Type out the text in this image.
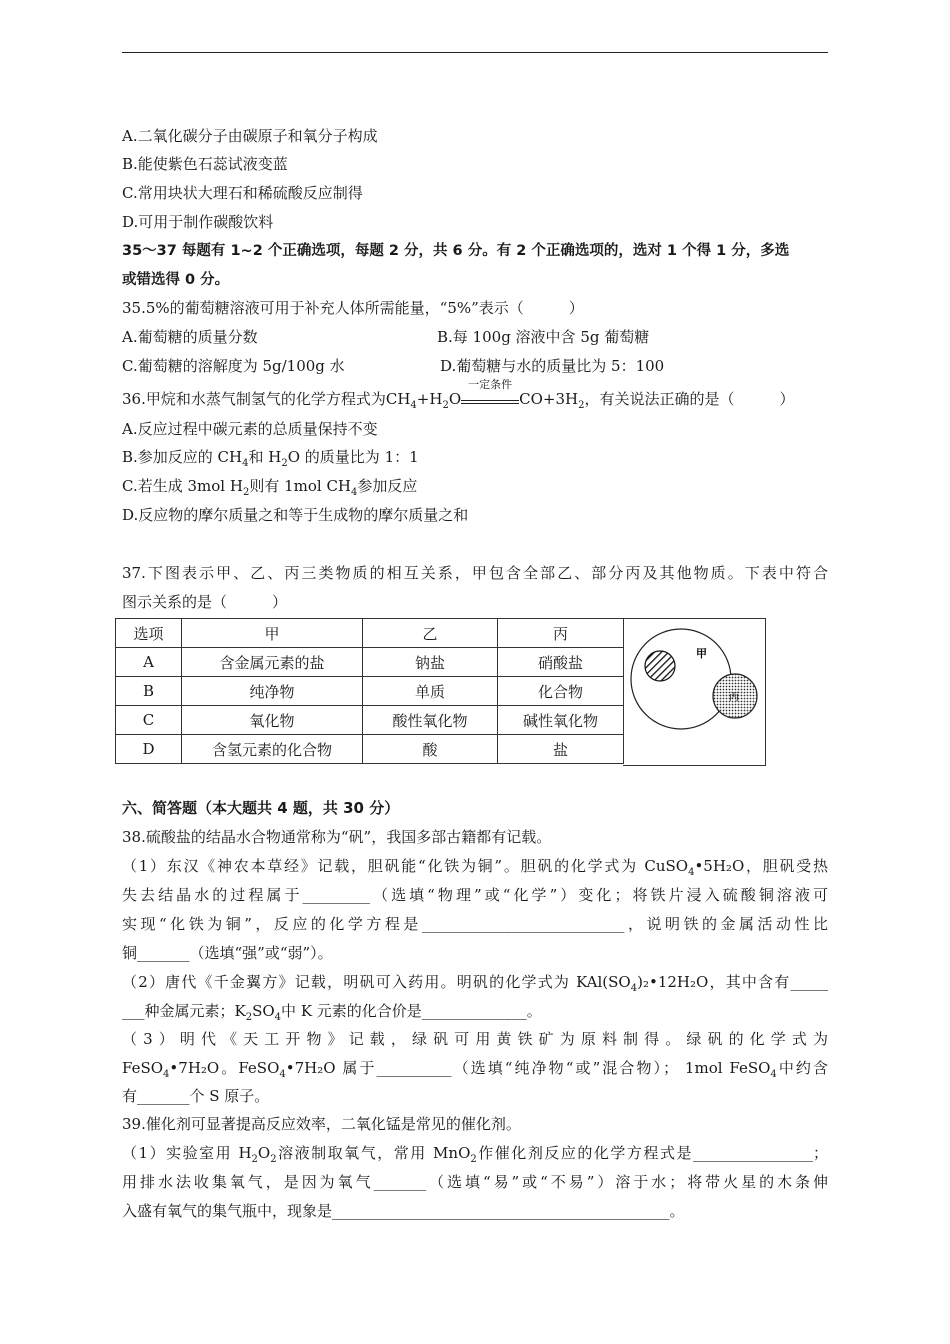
A.二氧化碳分子由碳原子和氧分子构成
B.能使紫色石蕊试液变蓝
C.常用块状大理石和稀硫酸反应制得
D.可用于制作碳酸饮料
35～37 每题有 1~2 个正确选项，每题 2 分，共 6 分。有 2 个正确选项的，选对 1 个得 1 分，多选
或错选得 0 分。
35.5%的葡萄糖溶液可用于补充人体所需能量，“5%”表示（　　　）
A.葡萄糖的质量分数	B.每 100g 溶液中含 5g 葡萄糖
C.葡萄糖的溶解度为 5g/100g 水	D.葡萄糖与水的质量比为 5：100
36.甲烷和水蒸气制氢气的化学方程式为$CH_4+H_2O$
一定条件
$CO+3H_2$，有关说法正确的是（　　　）
A.反应过程中碳元素的总质量保持不变
B.参加反应的 $CH_4$和 $H_2O$ 的质量比为 1：1
C.若生成 3mol $H_2$则有 1mol $CH_4$参加反应
D.反应物的摩尔质量之和等于生成物的摩尔质量之和
37.下图表示甲、乙、丙三类物质的相互关系，甲包含全部乙、部分丙及其他物质。下表中符合
图示关系的是（　　　）
选项	甲	乙	丙
A	含金属元素的盐	钠盐	硝酸盐
B	纯净物	单质	化合物
C	氧化物	酸性氧化物	碱性氧化物
D	含氢元素的化合物	酸	盐
甲
丙
六、简答题（本大题共 4 题，共 30 分）
38.硫酸盐的结晶水合物通常称为“矾”，我国多部古籍都有记载。
（1）东汉《神农本草经》记载，胆矾能“化铁为铜”。胆矾的化学式为 CuSO$_4$•5H₂O，胆矾受热
失去结晶水的过程属于_________（选填“物理”或“化学”）变化；将铁片浸入硫酸铜溶液可
实现“化铁为铜”，反应的化学方程是___________________________，说明铁的金属活动性比
铜_______（选填“强”或“弱”）。
（2）唐代《千金翼方》记载，明矾可入药用。明矾的化学式为 $KAl(SO_4)_2•12H_2O$，其中含有_____
___种金属元素；$K_2SO_4$中 K 元素的化合价是______________。
（3）明代《天工开物》记载，绿矾可用黄铁矿为原料制得。绿矾的化学式为
FeSO$_4$•7H₂O。FeSO$_4$•7H₂O 属于__________（选填“纯净物“或”混合物）； 1mol FeSO$_4$中约含
有_______个 S 原子。
39.催化剂可显著提高反应效率，二氧化锰是常见的催化剂。
（1）实验室用 $H_2O_2$溶液制取氧气，常用 MnO$_2$作催化剂反应的化学方程式是________________；
用排水法收集氧气，是因为氧气_______（选填“易”或“不易”）溶于水；将带火星的木条伸
入盛有氧气的集气瓶中，现象是_____________________________________________。
